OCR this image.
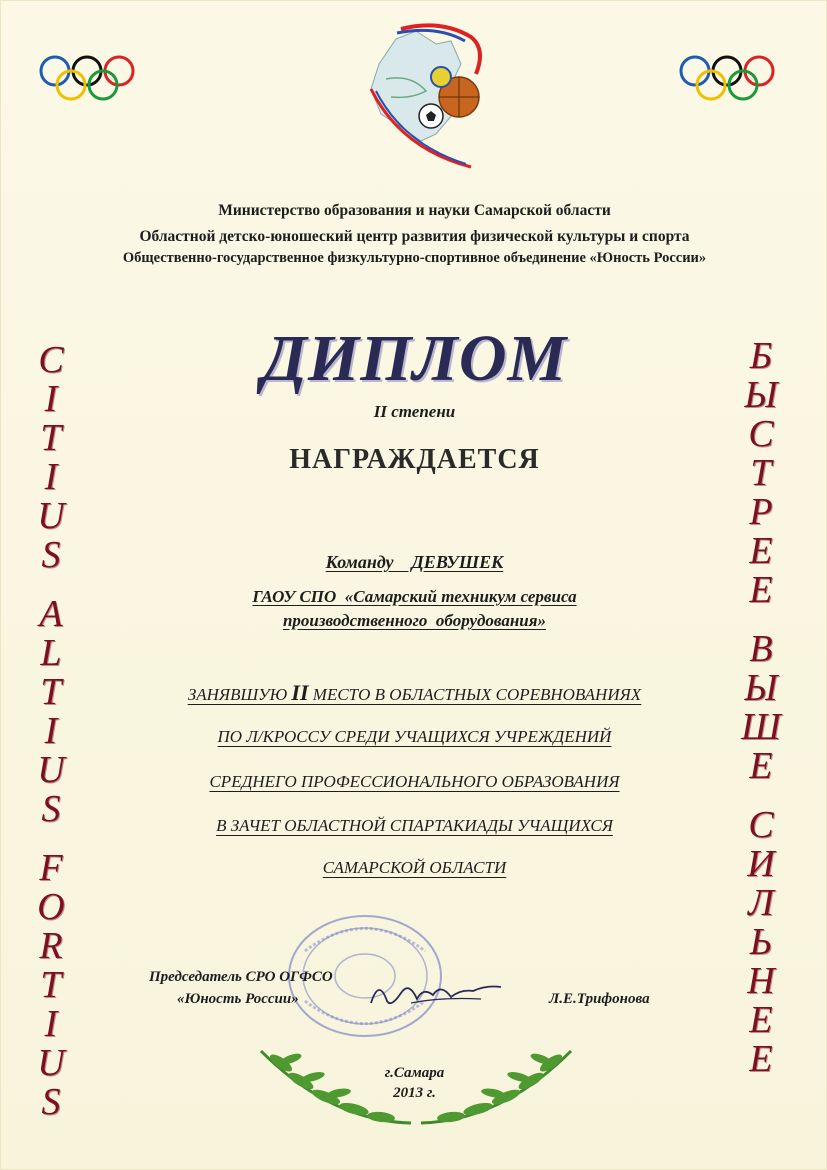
Министерство образования и науки Самарской области
Областной детско-юношеский центр развития физической культуры и спорта
Общественно-государственное физкультурно-спортивное объединение «Юность России»
ДИПЛОМ
II степени
НАГРАЖДАЕТСЯ
Команду    ДЕВУШЕК
ГАОУ СПО  «Самарский техникум сервиса
производственного  оборудования»
ЗАНЯВШУЮ II МЕСТО В ОБЛАСТНЫХ СОРЕВНОВАНИЯХ
ПО Л/КРОССУ СРЕДИ УЧАЩИХСЯ УЧРЕЖДЕНИЙ
СРЕДНЕГО ПРОФЕССИОНАЛЬНОГО ОБРАЗОВАНИЯ
В ЗАЧЕТ ОБЛАСТНОЙ СПАРТАКИАДЫ УЧАЩИХСЯ
САМАРСКОЙ ОБЛАСТИ
C
I
T
I
U
S
A
L
T
I
U
S
F
O
R
T
I
U
S
Б
Ы
С
Т
Р
Е
Е
В
Ы
Ш
Е
С
И
Л
Ь
Н
Е
Е
Председатель СРО ОГФСО
«Юность России»	Л.Е.Трифонова
г.Самара
2013 г.
